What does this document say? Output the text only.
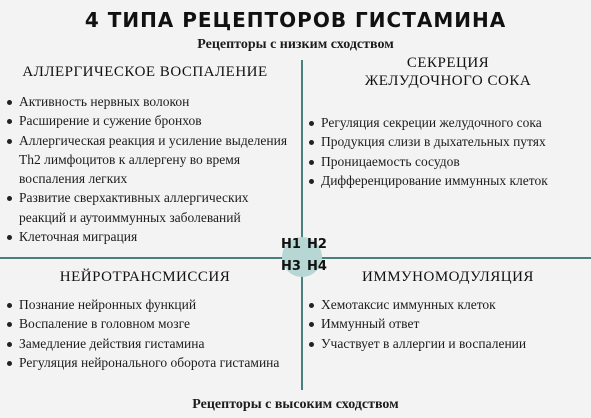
4 ТИПА РЕЦЕПТОРОВ ГИСТАМИНА
Рецепторы с низким сходством
H1 H2
H3 H4
АЛЛЕРГИЧЕСКОЕ ВОСПАЛЕНИЕ
Активность нервных волокон
Расширение и сужение бронхов
Аллергическая реакция и усиление выделения Th2 лимфоцитов к аллергену во время воспаления легких
Развитие сверхактивных аллергических реакций и аутоиммунных заболеваний
Клеточная миграция
СЕКРЕЦИЯ
ЖЕЛУДОЧНОГО СОКА
Регуляция секреции желудочного сока
Продукция слизи в дыхательных путях
Проницаемость сосудов
Дифференцирование иммунных клеток
НЕЙРОТРАНСМИССИЯ
Познание нейронных функций
Воспаление в головном мозге
Замедление действия гистамина
Регуляция нейронального оборота гистамина
ИММУНОМОДУЛЯЦИЯ
Хемотаксис иммунных клеток
Иммунный ответ
Участвует в аллергии и воспалении
Рецепторы с высоким сходством
